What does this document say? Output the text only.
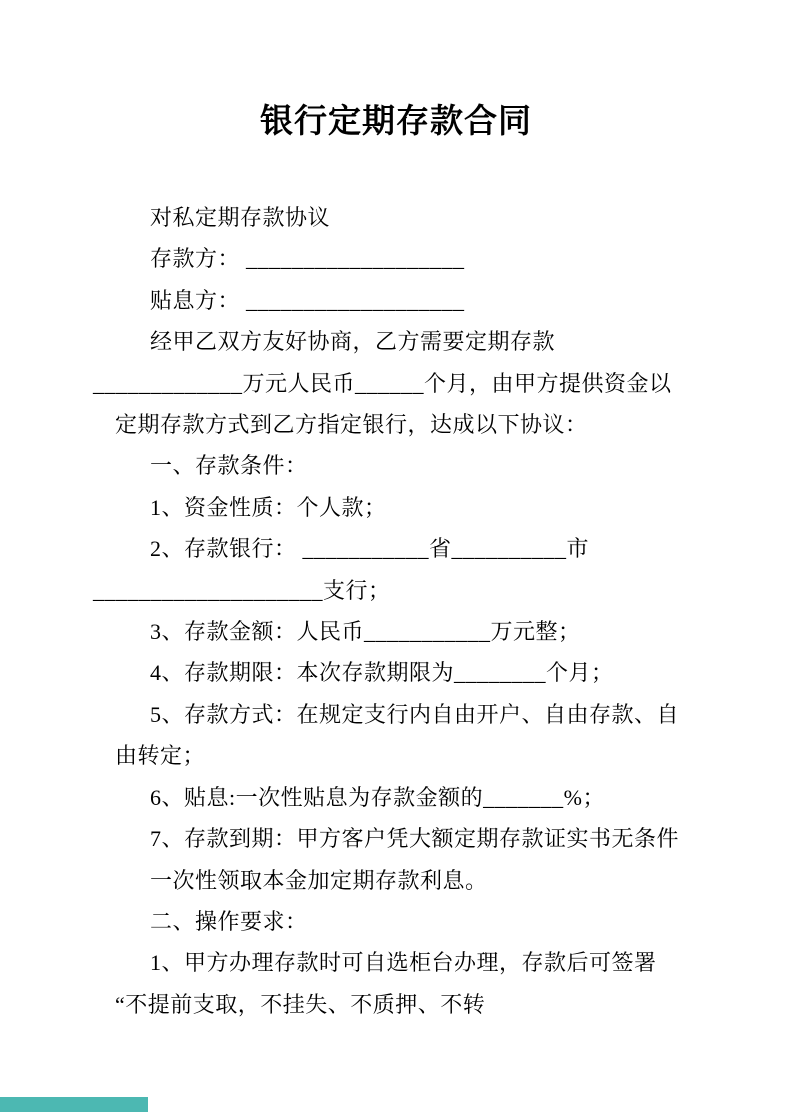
银行定期存款合同
对私定期存款协议
存款方： ___________________
贴息方： ___________________
经甲乙双方友好协商，乙方需要定期存款
_____________万元人民币______个月，由甲方提供资金以
定期存款方式到乙方指定银行，达成以下协议：
一、存款条件：
1、资金性质：个人款；
2、存款银行： ___________省__________市
____________________支行；
3、存款金额：人民币___________万元整；
4、存款期限：本次存款期限为________个月；
5、存款方式：在规定支行内自由开户、自由存款、自
由转定；
6、贴息:一次性贴息为存款金额的_______%；
7、存款到期：甲方客户凭大额定期存款证实书无条件
一次性领取本金加定期存款利息。
二、操作要求：
1、甲方办理存款时可自选柜台办理，存款后可签署
“不提前支取，不挂失、不质押、不转
